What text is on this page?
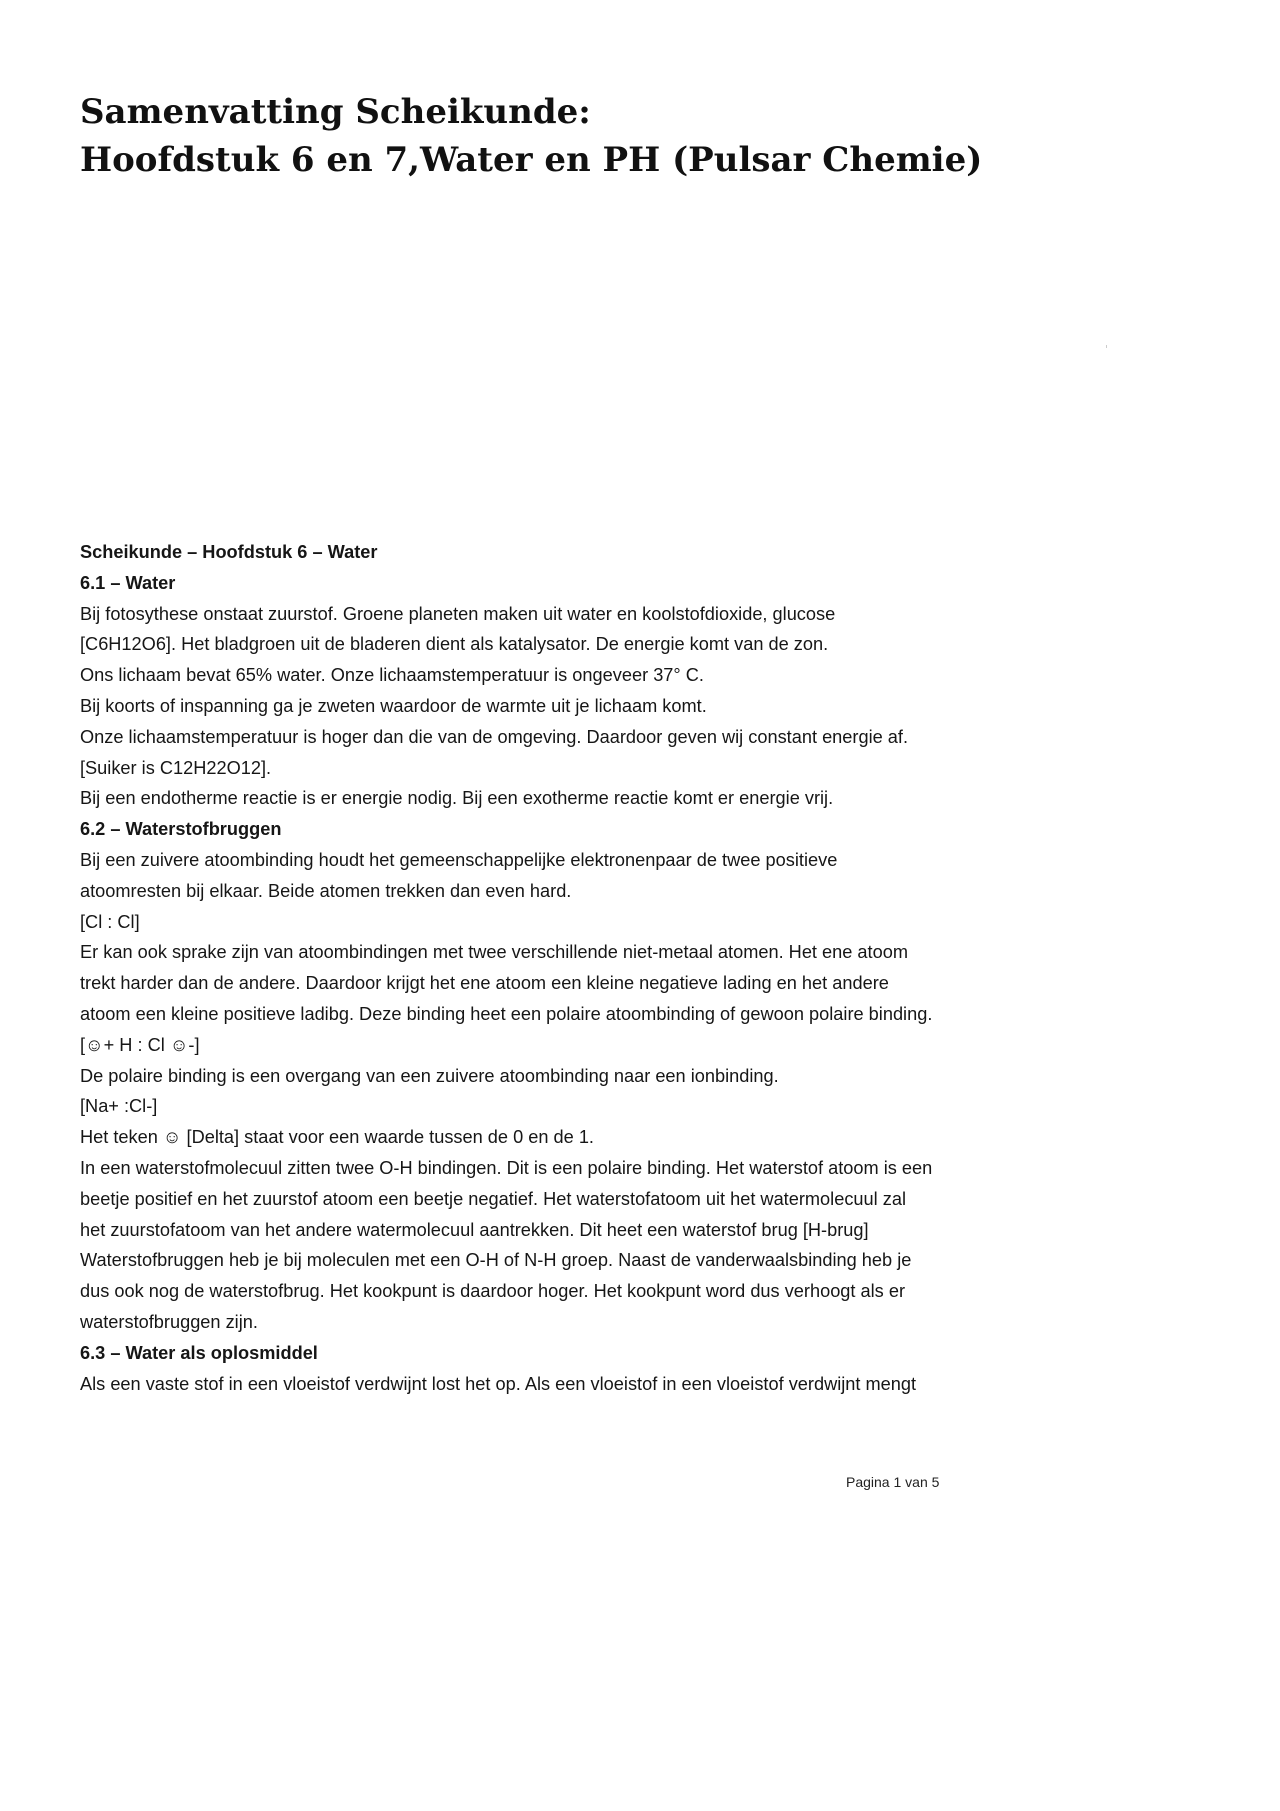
Samenvatting Scheikunde:
Hoofdstuk 6 en 7,Water en PH (Pulsar Chemie)
Scheikunde – Hoofdstuk 6 – Water
6.1 – Water
Bij fotosythese onstaat zuurstof. Groene planeten maken uit water en koolstofdioxide, glucose
[C6H12O6]. Het bladgroen uit de bladeren dient als katalysator. De energie komt van de zon.
Ons lichaam bevat 65% water. Onze lichaamstemperatuur is ongeveer 37° C.
Bij koorts of inspanning ga je zweten waardoor de warmte uit je lichaam komt.
Onze lichaamstemperatuur is hoger dan die van de omgeving. Daardoor geven wij constant energie af.
[Suiker is C12H22O12].
Bij een endotherme reactie is er energie nodig. Bij een exotherme reactie komt er energie vrij.
6.2 – Waterstofbruggen
Bij een zuivere atoombinding houdt het gemeenschappelijke elektronenpaar de twee positieve
atoomresten bij elkaar. Beide atomen trekken dan even hard.
[Cl : Cl]
Er kan ook sprake zijn van atoombindingen met twee verschillende niet-metaal atomen. Het ene atoom
trekt harder dan de andere. Daardoor krijgt het ene atoom een kleine negatieve lading en het andere
atoom een kleine positieve ladibg. Deze binding heet een polaire atoombinding of gewoon polaire binding.
[☺+ H : Cl ☺-]
De polaire binding is een overgang van een zuivere atoombinding naar een ionbinding.
[Na+ :Cl-]
Het teken ☺ [Delta] staat voor een waarde tussen de 0 en de 1.
In een waterstofmolecuul zitten twee O-H bindingen. Dit is een polaire binding. Het waterstof atoom is een
beetje positief en het zuurstof atoom een beetje negatief. Het waterstofatoom uit het watermolecuul zal
het zuurstofatoom van het andere watermolecuul aantrekken. Dit heet een waterstof brug [H-brug]
Waterstofbruggen heb je bij moleculen met een O-H of N-H groep. Naast de vanderwaalsbinding heb je
dus ook nog de waterstofbrug. Het kookpunt is daardoor hoger. Het kookpunt word dus verhoogt als er
waterstofbruggen zijn.
6.3 – Water als oplosmiddel
Als een vaste stof in een vloeistof verdwijnt lost het op. Als een vloeistof in een vloeistof verdwijnt mengt
Pagina 1 van 5
